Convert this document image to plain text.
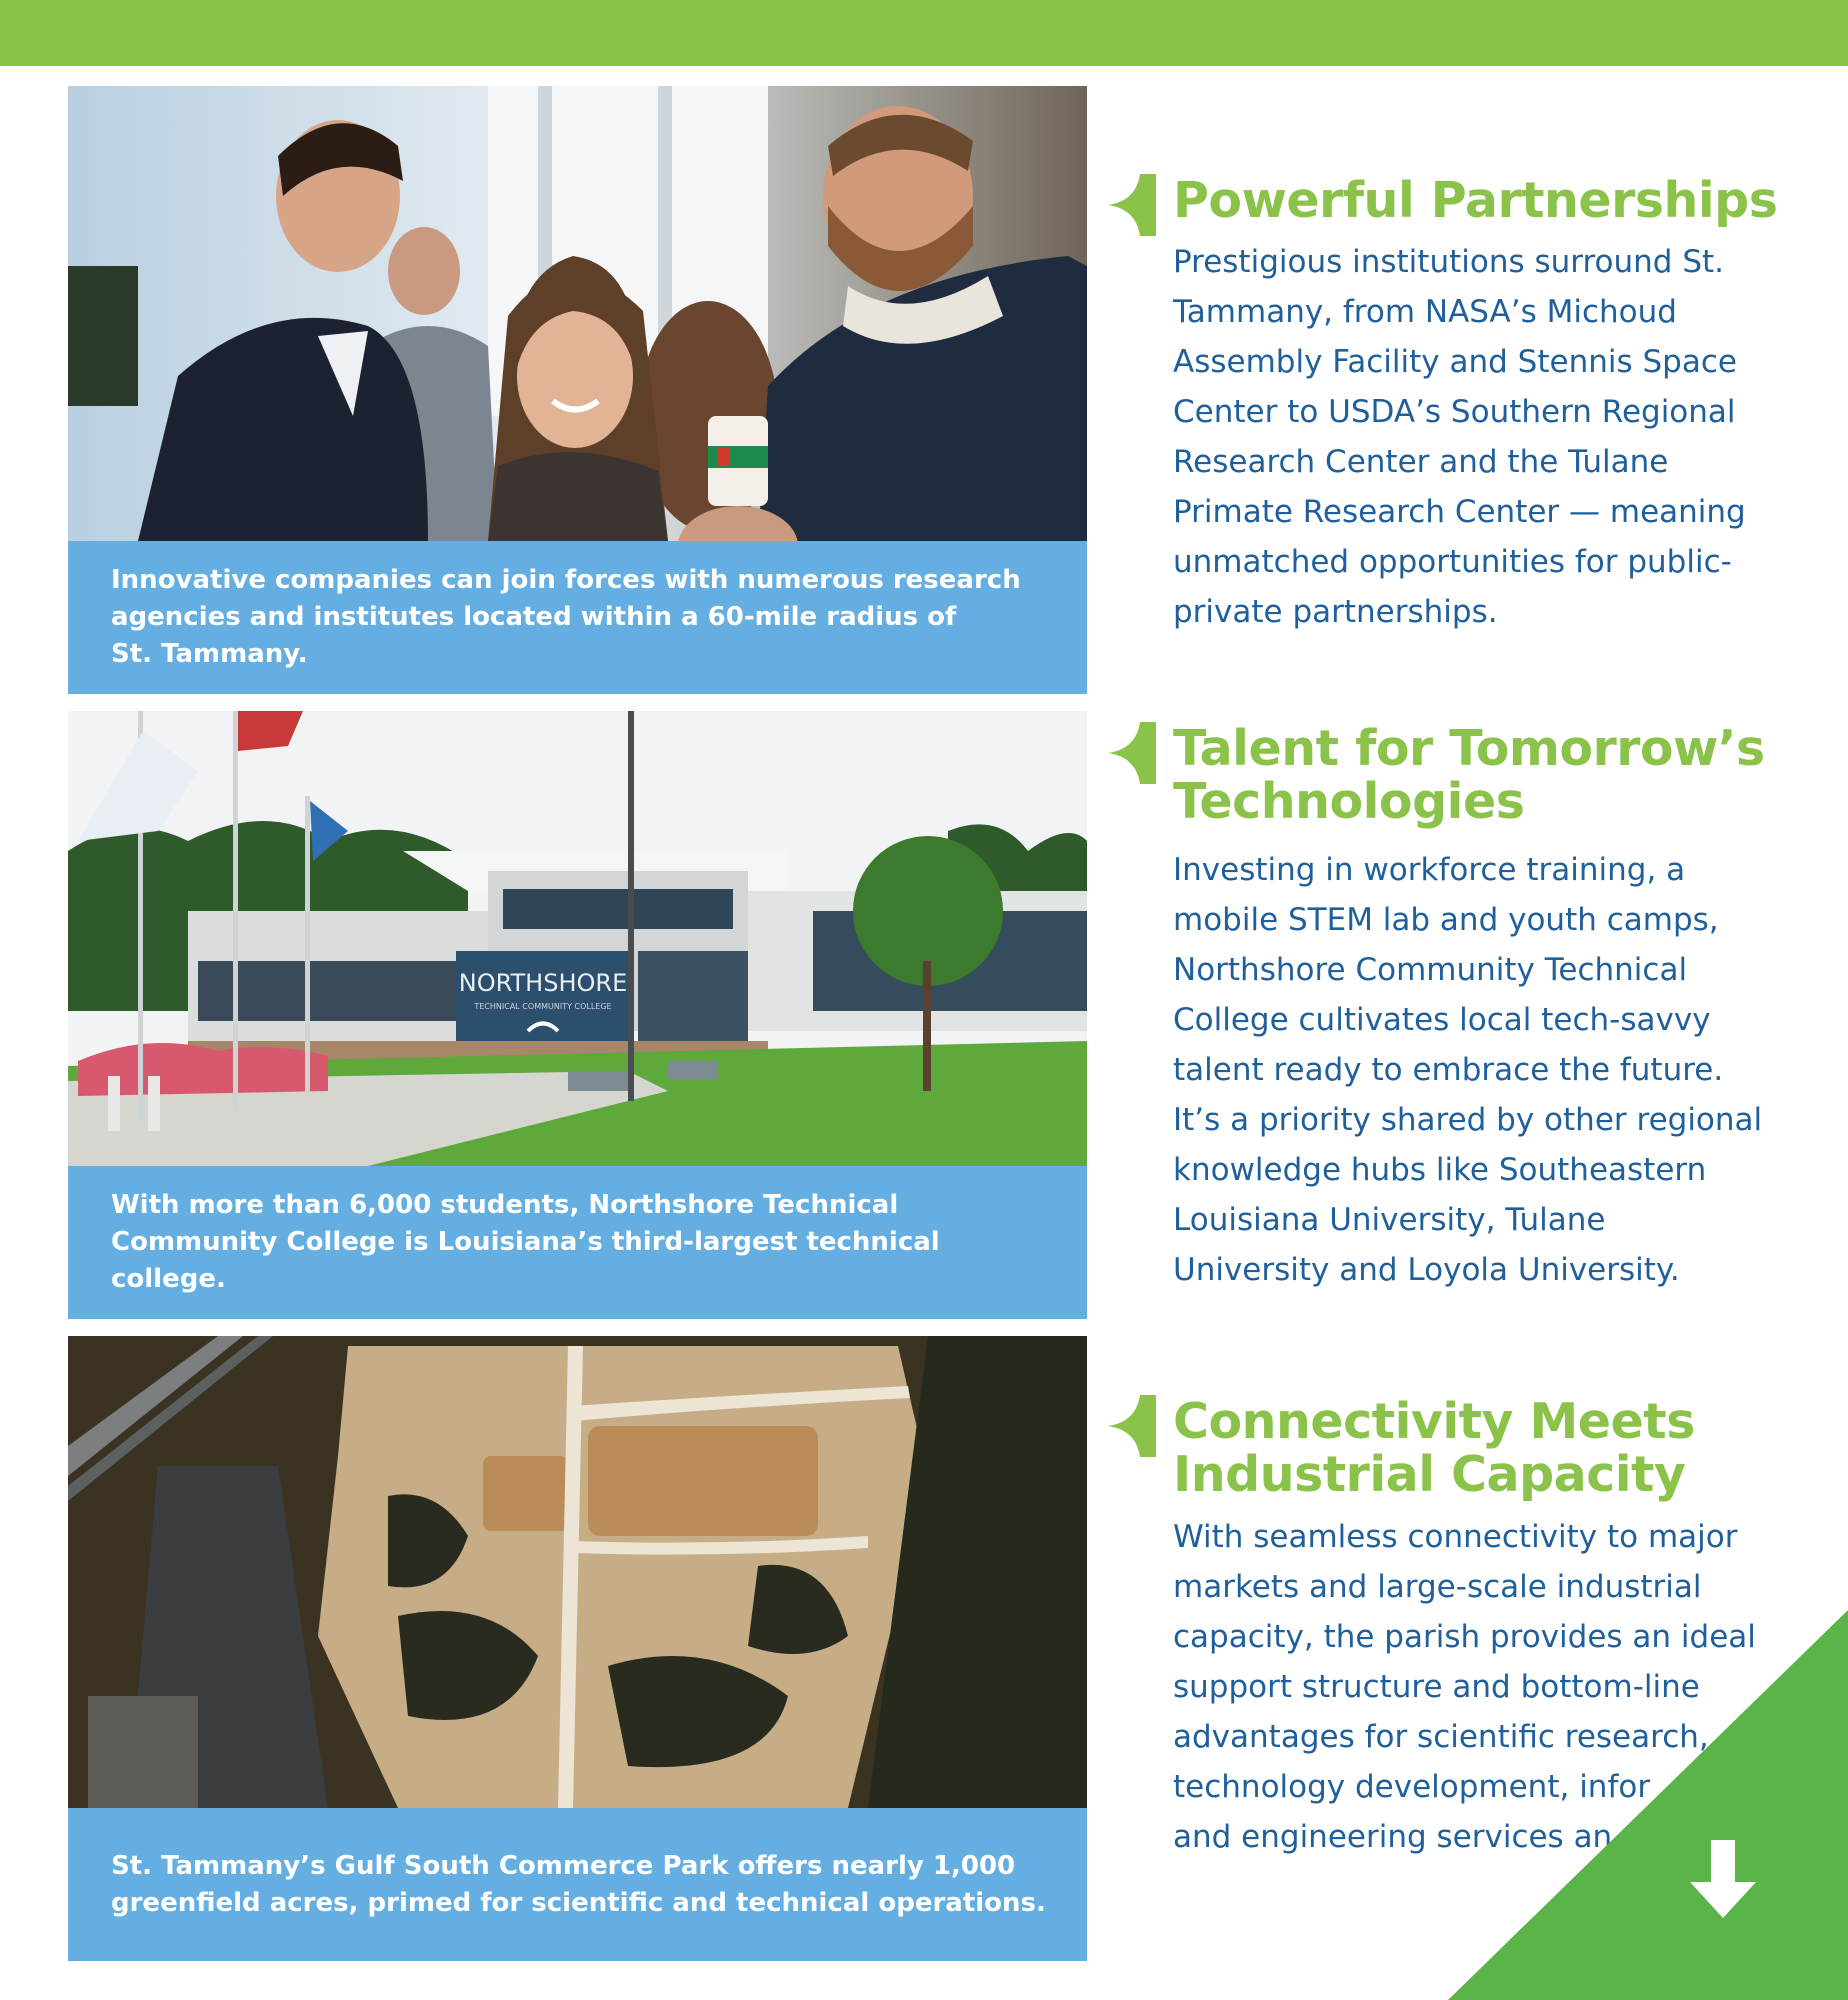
Innovative companies can join forces with numerous research
agencies and institutes located within a 60-mile radius of
St. Tammany.
NORTHSHORE
TECHNICAL COMMUNITY COLLEGE
With more than 6,000 students, Northshore Technical
Community College is Louisiana’s third-largest technical college.
St. Tammany’s Gulf South Commerce Park offers nearly 1,000
greenfield acres, primed for scientific and technical operations.
Powerful Partnerships

Prestigious institutions surround St.
Tammany, from NASA’s Michoud
Assembly Facility and Stennis Space
Center to USDA’s Southern Regional
Research Center and the Tulane
Primate Research Center — meaning
unmatched opportunities for public-
private partnerships.

Talent for Tomorrow’s
Technologies

Investing in workforce training, a
mobile STEM lab and youth camps,
Northshore Community Technical
College cultivates local tech-savvy
talent ready to embrace the future.
It’s a priority shared by other regional
knowledge hubs like Southeastern
Louisiana University, Tulane
University and Loyola University.

Connectivity Meets
Industrial Capacity

With seamless connectivity to major
markets and large-scale industrial
capacity, the parish provides an ideal
support structure and bottom-line
advantages for scientific research,
technology development, infor
and engineering services an
